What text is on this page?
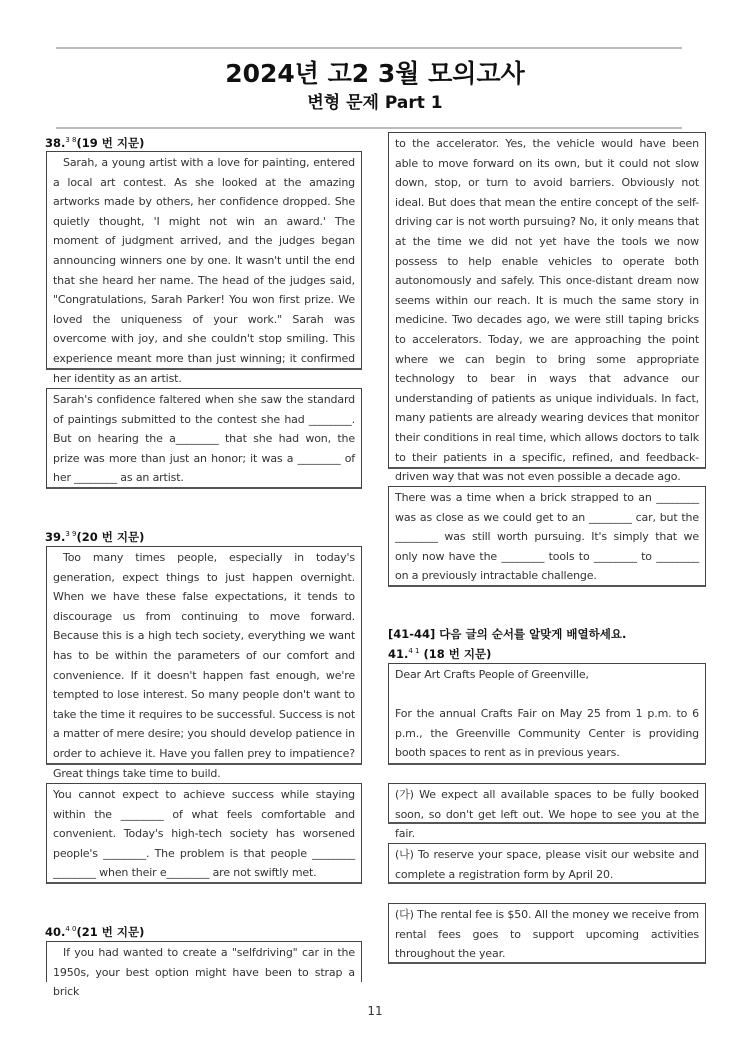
2024년 고2 3월 모의고사
변형 문제 Part 1
38.$^{3 8}$(19 번 지문)

Sarah, a young artist with a love for painting, entered a local art contest. As she looked at the amazing artworks made by others, her confidence dropped. She quietly thought, 'I might not win an award.' The moment of judgment arrived, and the judges began announcing winners one by one. It wasn't until the end that she heard her name. The head of the judges said, "Congratulations, Sarah Parker! You won first prize. We loved the uniqueness of your work." Sarah was overcome with joy, and she couldn't stop smiling. This experience meant more than just winning; it confirmed her identity as an artist.

Sarah's confidence faltered when she saw the standard of paintings submitted to the contest she had ________. But on hearing the a________ that she had won, the prize was more than just an honor; it was a ________ of her ________ as an artist.

39.$^{3 9}$(20 번 지문)

Too many times people, especially in today's generation, expect things to just happen overnight. When we have these false expectations, it tends to discourage us from continuing to move forward. Because this is a high tech society, everything we want has to be within the parameters of our comfort and convenience. If it doesn't happen fast enough, we're tempted to lose interest. So many people don't want to take the time it requires to be successful. Success is not a matter of mere desire; you should develop patience in order to achieve it. Have you fallen prey to impatience? Great things take time to build.

You cannot expect to achieve success while staying within the ________ of what feels comfortable and convenient. Today's high-tech society has worsened people's ________. The problem is that people ________ ________ when their e________ are not swiftly met.

40.$^{4 0}$(21 번 지문)

If you had wanted to create a "selfdriving" car in the 1950s, your best option might have been to strap a brick

to the accelerator. Yes, the vehicle would have been able to move forward on its own, but it could not slow down, stop, or turn to avoid barriers. Obviously not ideal. But does that mean the entire concept of the self-driving car is not worth pursuing? No, it only means that at the time we did not yet have the tools we now possess to help enable vehicles to operate both autonomously and safely. This once-distant dream now seems within our reach. It is much the same story in medicine. Two decades ago, we were still taping bricks to accelerators. Today, we are approaching the point where we can begin to bring some appropriate technology to bear in ways that advance our understanding of patients as unique individuals. In fact, many patients are already wearing devices that monitor their conditions in real time, which allows doctors to talk to their patients in a specific, refined, and feedback-driven way that was not even possible a decade ago.

There was a time when a brick strapped to an ________ was as close as we could get to an ________ car, but the ________ was still worth pursuing. It's simply that we only now have the ________ tools to ________ to ________ on a previously intractable challenge.

[41-44] 다음 글의 순서를 알맞게 배열하세요.
41.$^{4 1}$ (18 번 지문)

Dear Art Crafts People of Greenville,

For the annual Crafts Fair on May 25 from 1 p.m. to 6 p.m., the Greenville Community Center is providing booth spaces to rent as in previous years.

(가) We expect all available spaces to be fully booked soon, so don't get left out. We hope to see you at the fair.

(나) To reserve your space, please visit our website and complete a registration form by April 20.

(다) The rental fee is $50. All the money we receive from rental fees goes to support upcoming activities throughout the year.

11
